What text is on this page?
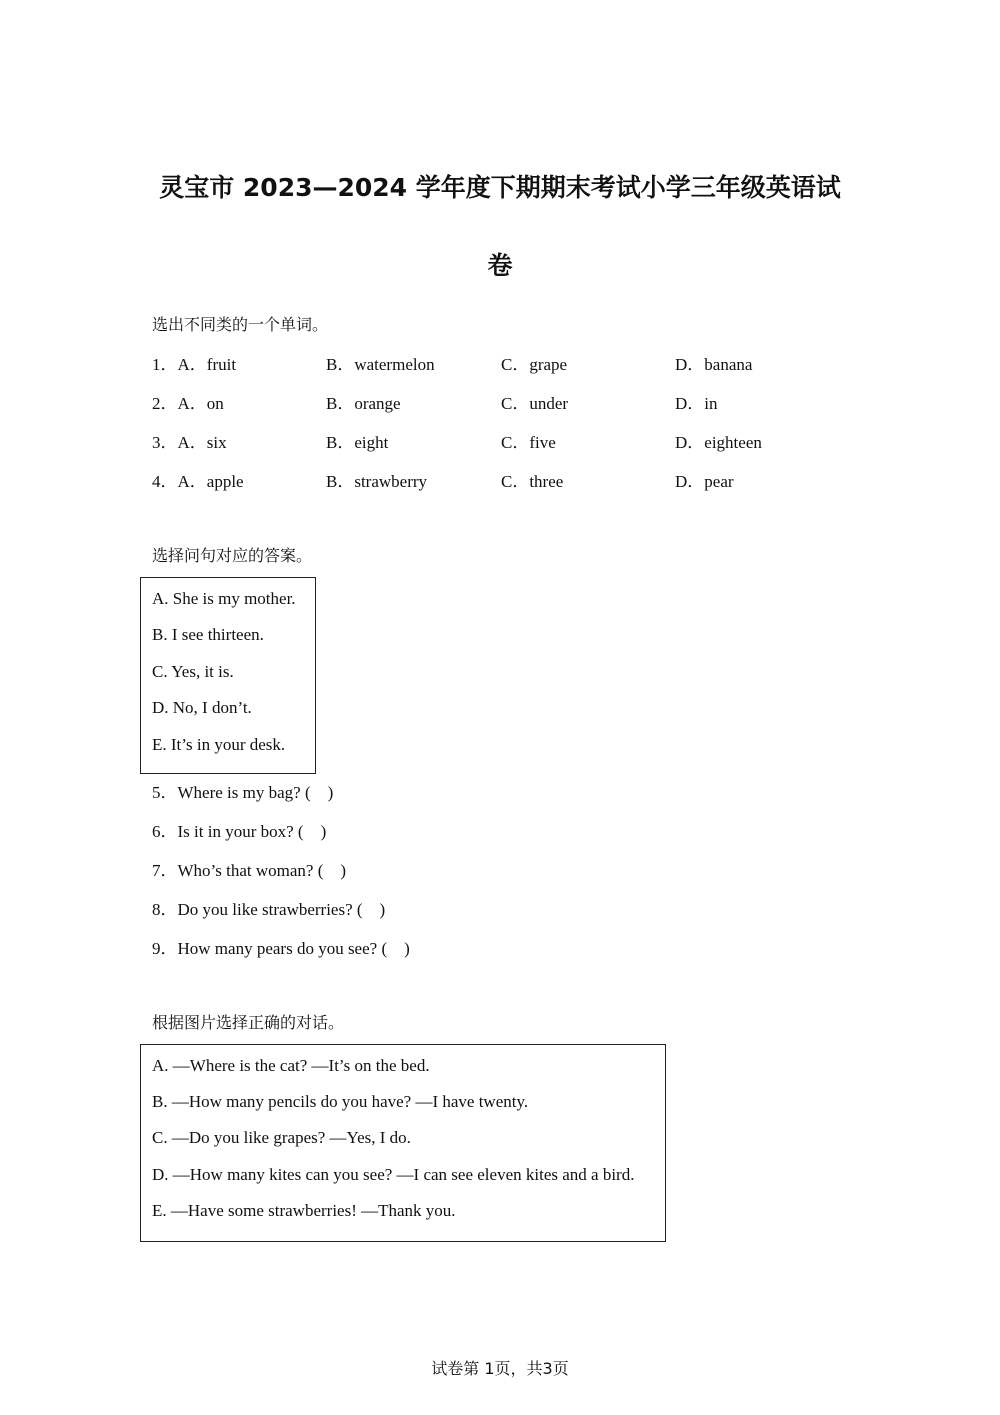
灵宝市 2023—2024 学年度下期期末考试小学三年级英语试
卷
选出不同类的一个单词。
1．A．fruit	B．watermelon	C．grape	D．banana
2．A．on	B．orange	C．under	D．in
3．A．six	B．eight	C．five	D．eighteen
4．A．apple	B．strawberry	C．three	D．pear
选择问句对应的答案。
A. She is my mother.
B. I see thirteen.
C. Yes, it is.
D. No, I don’t.
E. It’s in your desk.
5．Where is my bag? (    )
6．Is it in your box? (    )
7．Who’s that woman? (    )
8．Do you like strawberries? (    )
9．How many pears do you see? (    )
根据图片选择正确的对话。
A. —Where is the cat? —It’s on the bed.
B. —How many pencils do you have? —I have twenty.
C. —Do you like grapes? —Yes, I do.
D. —How many kites can you see? —I can see eleven kites and a bird.
E. —Have some strawberries! —Thank you.
试卷第 1页，共3页
